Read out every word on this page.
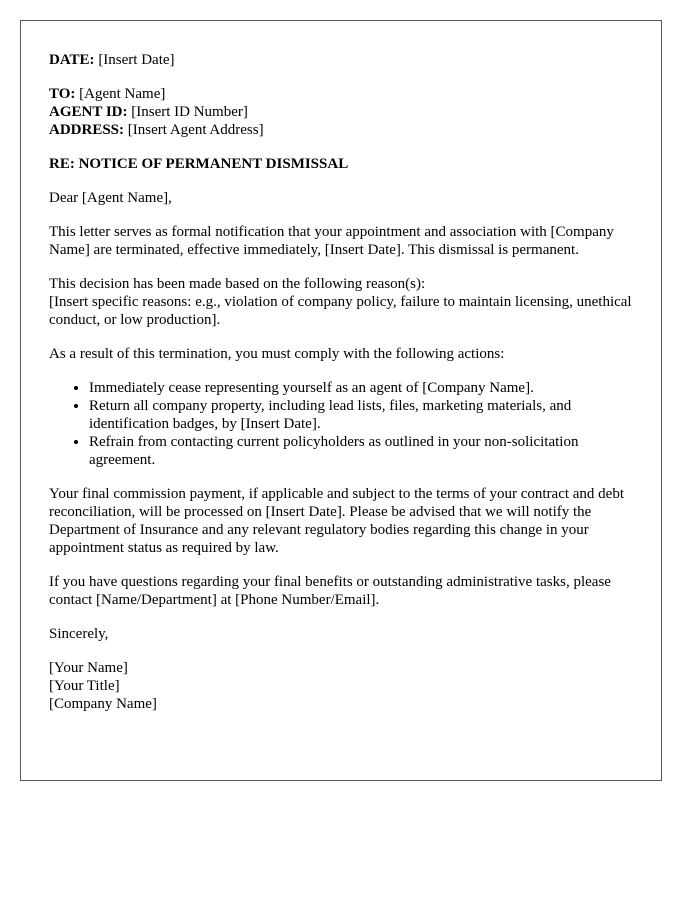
DATE: [Insert Date]
TO: [Agent Name]
AGENT ID: [Insert ID Number]
ADDRESS: [Insert Agent Address]
RE: NOTICE OF PERMANENT DISMISSAL
Dear [Agent Name],
This letter serves as formal notification that your appointment and association with [Company Name] are terminated, effective immediately, [Insert Date]. This dismissal is permanent.
This decision has been made based on the following reason(s):
[Insert specific reasons: e.g., violation of company policy, failure to maintain licensing, unethical conduct, or low production].
As a result of this termination, you must comply with the following actions:
• Immediately cease representing yourself as an agent of [Company Name].
• Return all company property, including lead lists, files, marketing materials, and identification badges, by [Insert Date].
• Refrain from contacting current policyholders as outlined in your non-solicitation agreement.
Your final commission payment, if applicable and subject to the terms of your contract and debt reconciliation, will be processed on [Insert Date]. Please be advised that we will notify the Department of Insurance and any relevant regulatory bodies regarding this change in your appointment status as required by law.
If you have questions regarding your final benefits or outstanding administrative tasks, please contact [Name/Department] at [Phone Number/Email].
Sincerely,
[Your Name]
[Your Title]
[Company Name]
